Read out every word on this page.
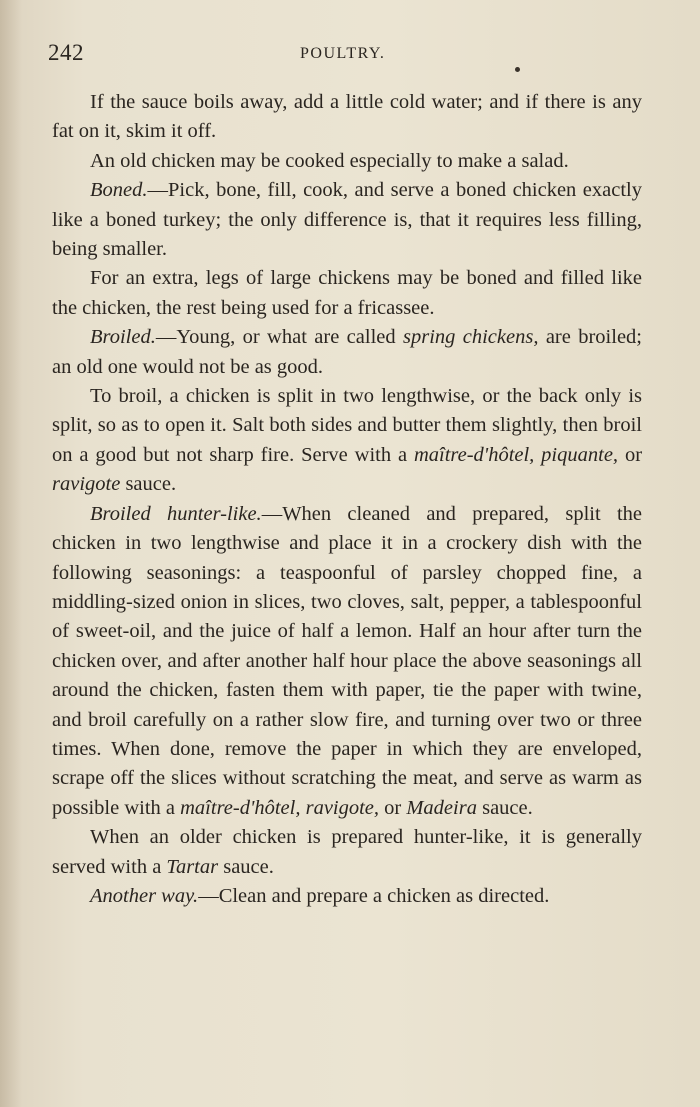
242	POULTRY.

If the sauce boils away, add a little cold water; and if there is any fat on it, skim it off.

An old chicken may be cooked especially to make a salad.

Boned.—Pick, bone, fill, cook, and serve a boned chicken exactly like a boned turkey; the only difference is, that it requires less filling, being smaller.

For an extra, legs of large chickens may be boned and filled like the chicken, the rest being used for a fricassee.

Broiled.—Young, or what are called spring chickens, are broiled; an old one would not be as good.

To broil, a chicken is split in two lengthwise, or the back only is split, so as to open it. Salt both sides and butter them slightly, then broil on a good but not sharp fire. Serve with a maître-d'hôtel, piquante, or ravigote sauce.

Broiled hunter-like.—When cleaned and prepared, split the chicken in two lengthwise and place it in a crockery dish with the following seasonings: a teaspoonful of parsley chopped fine, a middling-sized onion in slices, two cloves, salt, pepper, a tablespoonful of sweet-oil, and the juice of half a lemon. Half an hour after turn the chicken over, and after another half hour place the above seasonings all around the chicken, fasten them with paper, tie the paper with twine, and broil carefully on a rather slow fire, and turning over two or three times. When done, remove the paper in which they are enveloped, scrape off the slices without scratching the meat, and serve as warm as possible with a maître-d'hôtel, ravigote, or Madeira sauce.

When an older chicken is prepared hunter-like, it is generally served with a Tartar sauce.

Another way.—Clean and prepare a chicken as directed.
